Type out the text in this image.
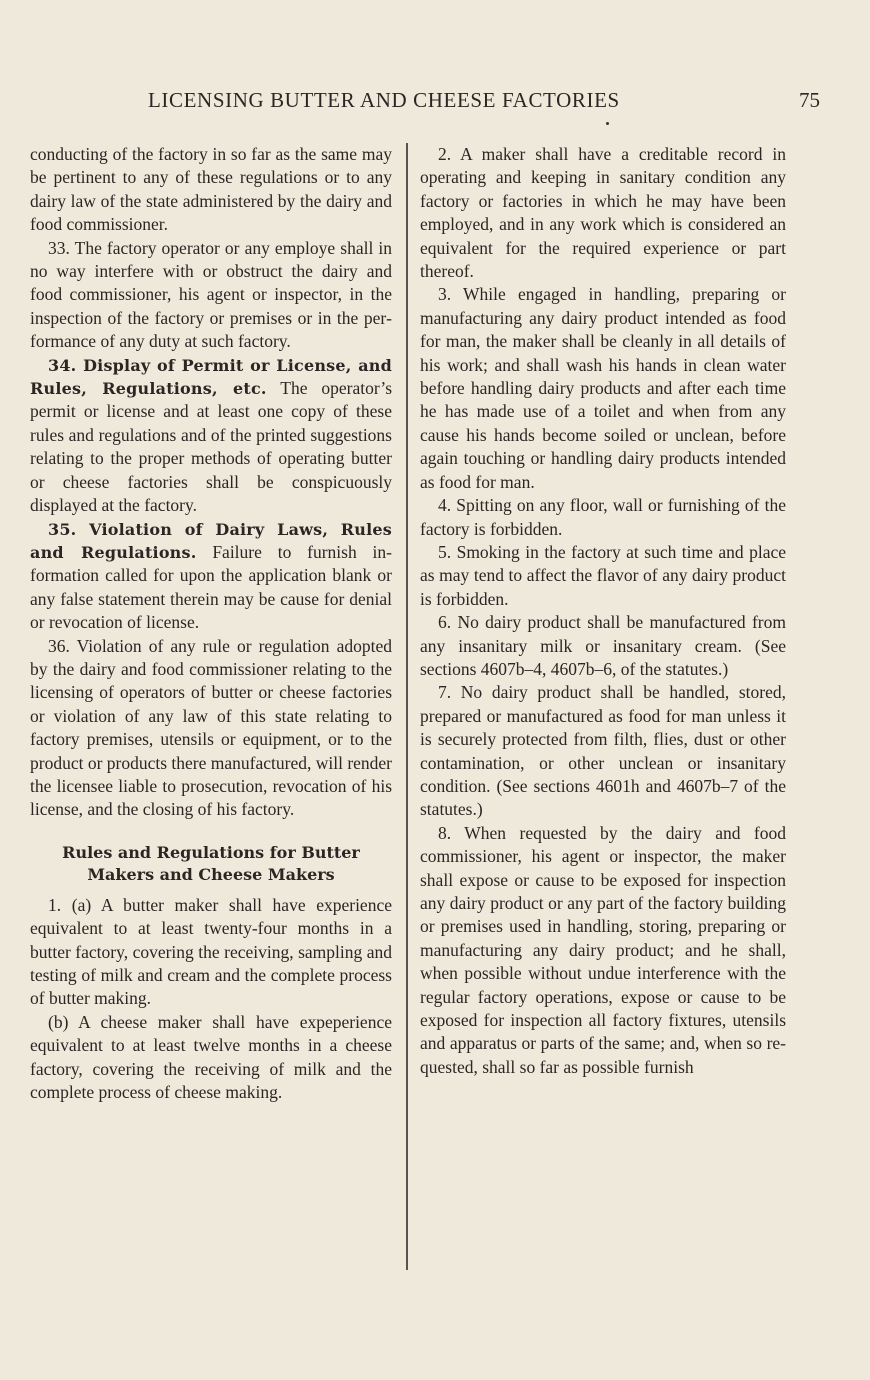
LICENSING BUTTER AND CHEESE FACTORIES	75

conducting of the factory in so far as the same may be pertinent to any of these regulations or to any dairy law of the state administered by the dairy and food commissioner.

33. The factory operator or any employe shall in no way interfere with or obstruct the dairy and food commissioner, his agent or inspector, in the inspection of the factory or premises or in the performance of any duty at such factory.

34. Display of Permit or License, and Rules, Regulations, etc. The operator’s permit or license and at least one copy of these rules and regulations and of the printed suggestions relating to the proper methods of operating butter or cheese factories shall be conspicuously displayed at the factory.

35. Violation of Dairy Laws, Rules and Regulations. Failure to furnish information called for upon the application blank or any false statement therein may be cause for denial or revocation of license.

36. Violation of any rule or regulation adopted by the dairy and food commissioner relating to the licensing of operators of butter or cheese factories or violation of any law of this state relating to factory premises, utensils or equipment, or to the product or products there manufactured, will render the licensee liable to prosecution, revocation of his license, and the closing of his factory.

Rules and Regulations for Butter
Makers and Cheese Makers

1. (a) A butter maker shall have experience equivalent to at least twenty-four months in a butter factory, covering the receiving, sampling and testing of milk and cream and the complete process of butter making.

(b) A cheese maker shall have expeperience equivalent to at least twelve months in a cheese factory, covering the receiving of milk and the complete process of cheese making.

2. A maker shall have a creditable record in operating and keeping in sanitary condition any factory or factories in which he may have been employed, and in any work which is considered an equivalent for the required experience or part thereof.

3. While engaged in handling, preparing or manufacturing any dairy product intended as food for man, the maker shall be cleanly in all details of his work; and shall wash his hands in clean water before handling dairy products and after each time he has made use of a toilet and when from any cause his hands become soiled or unclean, before again touching or handling dairy products intended as food for man.

4. Spitting on any floor, wall or furnishing of the factory is forbidden.

5. Smoking in the factory at such time and place as may tend to affect the flavor of any dairy product is forbidden.

6. No dairy product shall be manufactured from any insanitary milk or insanitary cream. (See sections 4607b–4, 4607b–6, of the statutes.)

7. No dairy product shall be handled, stored, prepared or manufactured as food for man unless it is securely protected from filth, flies, dust or other contamination, or other unclean or insanitary condition. (See sections 4601h and 4607b–7 of the statutes.)

8. When requested by the dairy and food commissioner, his agent or inspector, the maker shall expose or cause to be exposed for inspection any dairy product or any part of the factory building or premises used in handling, storing, preparing or manufacturing any dairy product; and he shall, when possible without undue interference with the regular factory operations, expose or cause to be exposed for inspection all factory fixtures, utensils and apparatus or parts of the same; and, when so requested, shall so far as possible furnish
